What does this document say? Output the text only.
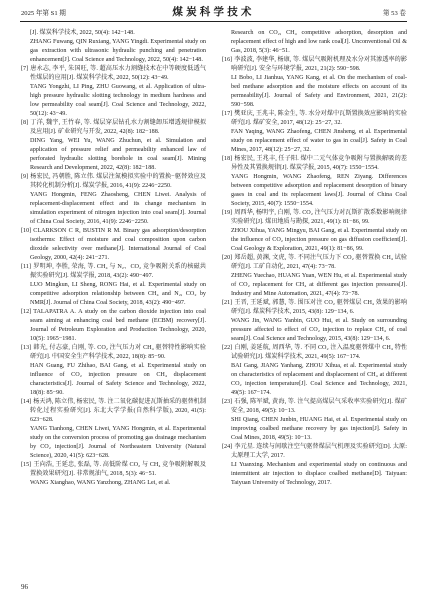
2025 年第 S1 期	煤炭科学技术	第 53 卷

[J]. 煤炭科学技术, 2022, 50(4): 142−148.

ZHANG Fuwang, QIN Ruxiang, YANG Yingdi. Experimental study on gas extraction with ultrasonic hydraulic punching and penetration enhancement[J]. Coal Science and Technology, 2022, 50(4): 142−148.

[7] 唐永志, 李平, 朱国旺, 等. 超高压水力割缝技术在中等硬度低透气性煤层的应用[J]. 煤炭科学技术, 2022, 50(12): 43−49.

TANG Yongzhi, LI Ping, ZHU Guowang, et al. Application of ultra-high pressure hydraulic slotting technology in medium hardness and low permeability coal seam[J]. Coal Science and Technology, 2022, 50(12): 43−49.

[8] 丁洋, 魏宇, 王竹春, 等. 煤层穿层钻孔水力割缝卸压增透规律模拟及应用[J]. 矿业研究与开发, 2022, 42(8): 182−188.

DING Yang, WEI Yu, WANG Zhuchun, et al. Simulation and application of pressure relief and permeability enhanced law of perforated hydraulic slotting borehole in coal seam[J]. Mining Research and Development, 2022, 42(8): 182−188.

[9] 杨宏民, 冯朝胜, 陈立伟. 煤层注氮模拟实验中的置换−驱替效应及其转化机制分析[J]. 煤炭学报, 2016, 41(9): 2246−2250.

YANG Hongmin, FENG Zhaosheng, CHEN Liwei. Analysis of replacement-displacement effect and its change mechanism in simulation experiment of nitrogen injection into coal seam[J]. Journal of China Coal Society, 2016, 41(9): 2246−2250.

[10] CLARKSON C R, BUSTIN R M. Binary gas adsorption/desorption isotherms: Effect of moisture and coal composition upon carbon dioxide selectivity over methane[J]. International Journal of Coal Geology, 2000, 42(4): 241−271.

[11] 罗明坤, 李胜, 荣海, 等. CH₄ 与 N₂、CO₂ 竞争吸附关系的核磁共振实验研究[J]. 煤炭学报, 2018, 43(2): 490−497.

LUO Mingkun, LI Sheng, RONG Hai, et al. Experimental study on competitive adsorption relationship between CH₄ and N₂, CO₂ by NMR[J]. Journal of China Coal Society, 2018, 43(2): 490−497.

[12] TALAPATRA A. A study on the carbon dioxide injection into coal seam aiming at enhancing coal bed methane (ECBM) recovery[J]. Journal of Petroleum Exploration and Production Technology, 2020, 10(5): 1965−1981.

[13] 韩光, 付志豪, 白刚, 等. CO₂ 注气压力对 CH₄ 驱替特性影响实验研究[J]. 中国安全生产科学技术, 2022, 18(8): 85−90.

HAN Guang, FU Zhihao, BAI Gang, et al. Experimental study on influence of CO₂ injection pressure on CH₄ displacement characteristics[J]. Journal of Safety Science and Technology, 2022, 18(8): 85−90.

[14] 杨天鸿, 陈立伟, 杨宏民, 等. 注二氧化碳促进瓦斯抽采的驱替机制转化过程实验研究[J]. 东北大学学报(自然科学版), 2020, 41(5): 623−628.

YANG Tianhong, CHEN Liwei, YANG Hongmin, et al. Experimental study on the conversion process of promoting gas drainage mechanism by CO₂ injection[J]. Journal of Northeastern University (Natural Science), 2020, 41(5): 623−628.

[15] 王向浩, 王延忠, 张磊, 等. 高低阶煤 CO₂ 与 CH₄ 竞争吸附解吸及置换效果研究[J]. 非常规油气, 2018, 5(3): 46−51.

WANG Xianghao, WANG Yanzhong, ZHANG Lei, et al.

Research on CO₂, CH₄ competitive adsorption, desorption and replacement effect of high and low rank coal[J]. Unconventional Oil & Gas, 2018, 5(3): 46−51.

[16] 李波波, 李建华, 杨康, 等. 煤层气吸附机理及水分对其渗透率的影响研究[J]. 安全与环境学报, 2021, 21(2): 590−598.

LI Bobo, LI Jianhua, YANG Kang, et al. On the mechanism of coal-bed methane adsorption and the moisture effects on account of its permeability[J]. Journal of Safety and Environment, 2021, 21(2): 590−598.

[17] 樊亚庆, 王兆丰, 陈金生, 等. 水分对煤中瓦斯置换效应影响的实验研究[J]. 煤矿安全, 2017, 48(12): 25−27, 32.

FAN Yaqing, WANG Zhaofeng, CHEN Jinsheng, et al. Experimental study on replacement effect of water to gas in coal[J]. Safety in Coal Mines, 2017, 48(12): 25−27, 32.

[18] 杨宏民, 王兆丰, 任子阳. 煤中二元气体竞争吸附与置换解吸的差异性及其置换规律[J]. 煤炭学报, 2015, 40(7): 1550−1554.

YANG Hongmin, WANG Zhaofeng, REN Ziyang. Differences between competitive adsorption and replacement desorption of binary gases in coal and its replacement laws[J]. Journal of China Coal Society, 2015, 40(7): 1550−1554.

[19] 周西华, 杨明宇, 白刚, 等. CO₂ 注气压力对瓦斯扩散系数影响规律实验研究[J]. 煤田地质与勘探, 2021, 49(1): 81−86, 99.

ZHOU Xihua, YANG Mingyu, BAI Gang, et al. Experimental study on the influence of CO₂ injection pressure on gas diffusion coefficient[J]. Coal Geology & Exploration, 2021, 49(1): 81−86, 99.

[20] 郑岳超, 黄渊, 文虎, 等. 不同注气压力下 CO₂ 驱替置换 CH₄ 试验研究[J]. 工矿自动化, 2021, 47(4): 73−78.

ZHENG Yuechao, HUANG Yuan, WEN Hu, et al. Experimental study of CO₂ replacement for CH₄ at different gas injection pressures[J]. Industry and Mine Automation, 2021, 47(4): 73−78.

[21] 王晋, 王延斌, 郭慧, 等. 围压对注 CO₂ 驱替煤层 CH₄ 效果的影响研究[J]. 煤炭科学技术, 2015, 43(8): 129−134, 6.

WANG Jin, WANG Yanbin, GUO Hui, et al. Study on surrounding pressure affected to effect of CO₂ injection to replace CH₄ of coal seam[J]. Coal Science and Technology, 2015, 43(8): 129−134, 6.

[22] 白刚, 姜延航, 周西华, 等. 不同 CO₂ 注入温度驱替煤中 CH₄ 特性试验研究[J]. 煤炭科学技术, 2021, 49(5): 167−174.

BAI Gang, JIANG Yanhang, ZHOU Xihua, et al. Experimental study on characteristics of replacement and displacement of CH₄ at different CO₂ injection temperature[J]. Coal Science and Technology, 2021, 49(5): 167−174.

[23] 石强, 陈军斌, 黄海, 等. 注气提高煤层气采收率实验研究[J]. 煤矿安全, 2018, 49(5): 10−13.

SHI Qiang, CHEN Junbin, HUANG Hai, et al. Experimental study on improving coalbed methane recovery by gas injection[J]. Safety in Coal Mines, 2018, 49(5): 10−13.

[24] 李元星. 连续与间歇注空气驱替煤层气机理及实验研究[D]. 太原: 太原理工大学, 2017.

LI Yuanxing. Mechanism and experimental study on continuous and intermittent air injection to displace coalbed methane[D]. Taiyuan: Taiyuan University of Technology, 2017.

96
